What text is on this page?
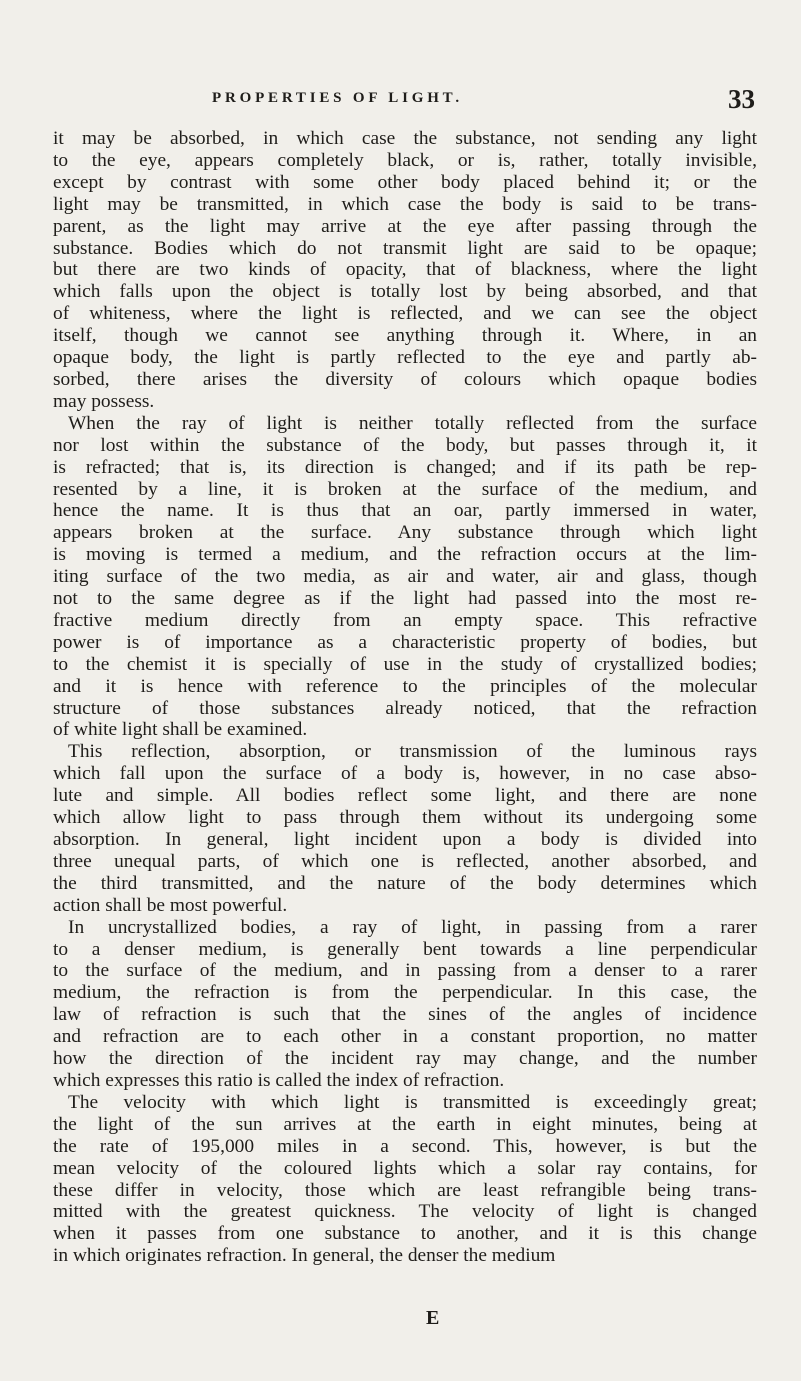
PROPERTIES OF LIGHT.	33
it may be absorbed, in which case the substance, not sending any light
to the eye, appears completely black, or is, rather, totally invisible,
except by contrast with some other body placed behind it; or the
light may be transmitted, in which case the body is said to be trans-
parent, as the light may arrive at the eye after passing through the
substance. Bodies which do not transmit light are said to be opaque;
but there are two kinds of opacity, that of blackness, where the light
which falls upon the object is totally lost by being absorbed, and that
of whiteness, where the light is reflected, and we can see the object
itself, though we cannot see anything through it. Where, in an
opaque body, the light is partly reflected to the eye and partly ab-
sorbed, there arises the diversity of colours which opaque bodies
may possess.
When the ray of light is neither totally reflected from the surface
nor lost within the substance of the body, but passes through it, it
is refracted; that is, its direction is changed; and if its path be rep-
resented by a line, it is broken at the surface of the medium, and
hence the name. It is thus that an oar, partly immersed in water,
appears broken at the surface. Any substance through which light
is moving is termed a medium, and the refraction occurs at the lim-
iting surface of the two media, as air and water, air and glass, though
not to the same degree as if the light had passed into the most re-
fractive medium directly from an empty space. This refractive
power is of importance as a characteristic property of bodies, but
to the chemist it is specially of use in the study of crystallized bodies;
and it is hence with reference to the principles of the molecular
structure of those substances already noticed, that the refraction
of white light shall be examined.
This reflection, absorption, or transmission of the luminous rays
which fall upon the surface of a body is, however, in no case abso-
lute and simple. All bodies reflect some light, and there are none
which allow light to pass through them without its undergoing some
absorption. In general, light incident upon a body is divided into
three unequal parts, of which one is reflected, another absorbed, and
the third transmitted, and the nature of the body determines which
action shall be most powerful.
In uncrystallized bodies, a ray of light, in passing from a rarer
to a denser medium, is generally bent towards a line perpendicular
to the surface of the medium, and in passing from a denser to a rarer
medium, the refraction is from the perpendicular. In this case, the
law of refraction is such that the sines of the angles of incidence
and refraction are to each other in a constant proportion, no matter
how the direction of the incident ray may change, and the number
which expresses this ratio is called the index of refraction.
The velocity with which light is transmitted is exceedingly great;
the light of the sun arrives at the earth in eight minutes, being at
the rate of 195,000 miles in a second. This, however, is but the
mean velocity of the coloured lights which a solar ray contains, for
these differ in velocity, those which are least refrangible being trans-
mitted with the greatest quickness. The velocity of light is changed
when it passes from one substance to another, and it is this change
in which originates refraction. In general, the denser the medium
E
